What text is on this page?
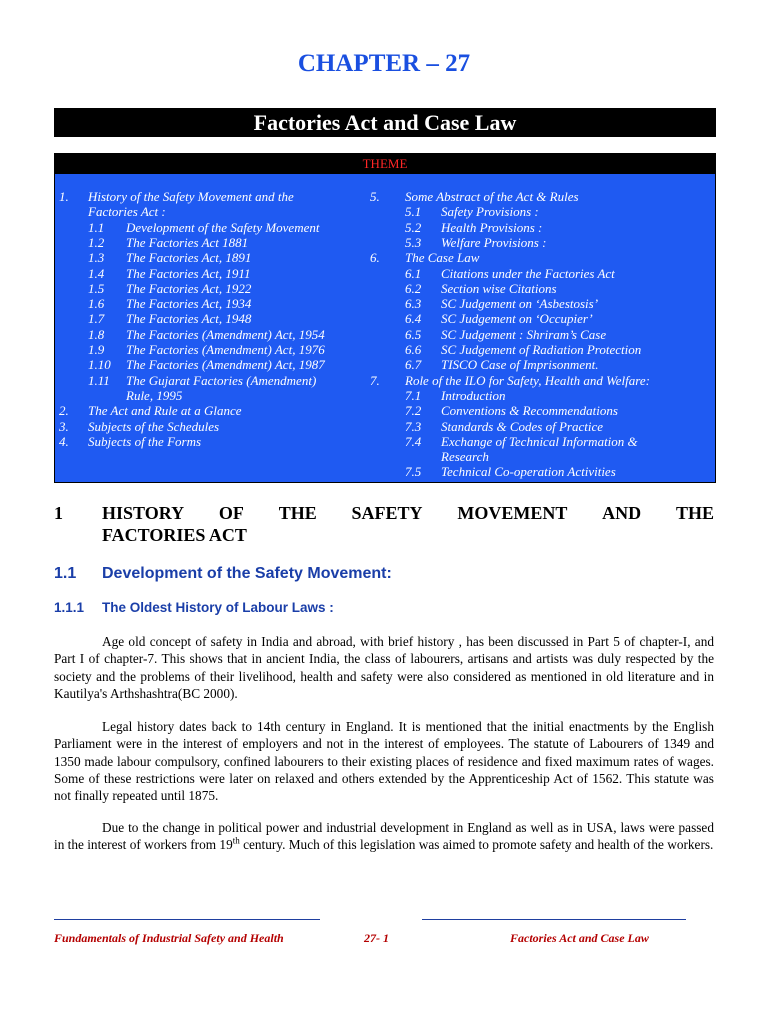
CHAPTER – 27
Factories Act and Case Law
THEME
1. History of the Safety Movement and the
Factories Act :
1.1 Development of the Safety Movement
1.2 The Factories Act 1881
1.3 The Factories Act, 1891
1.4 The Factories Act, 1911
1.5 The Factories Act, 1922
1.6 The Factories Act, 1934
1.7 The Factories Act, 1948
1.8 The Factories (Amendment) Act, 1954
1.9 The Factories (Amendment) Act, 1976
1.10 The Factories (Amendment) Act, 1987
1.11 The Gujarat Factories (Amendment)
Rule, 1995
2. The Act and Rule at a Glance
3. Subjects of the Schedules
4. Subjects of the Forms
5. Some Abstract of the Act & Rules
5.1 Safety Provisions :
5.2 Health Provisions :
5.3 Welfare Provisions :
6. The Case Law
6.1 Citations under the Factories Act
6.2 Section wise Citations
6.3 SC Judgement on ‘Asbestosis’
6.4 SC Judgement on ‘Occupier’
6.5 SC Judgement : Shriram’s Case
6.6 SC Judgement of Radiation Protection
6.7 TISCO Case of Imprisonment.
7. Role of the ILO for Safety, Health and Welfare:
7.1 Introduction
7.2 Conventions & Recommendations
7.3 Standards & Codes of Practice
7.4 Exchange of Technical Information &
Research
7.5 Technical Co-operation Activities
1 HISTORY OF THE SAFETY MOVEMENT AND THE
FACTORIES ACT
1.1 Development of the Safety Movement:
1.1.1 The Oldest History of Labour Laws :
Age old concept of safety in India and abroad, with brief history , has been discussed in Part 5 of chapter-I, and Part I of chapter-7. This shows that in ancient India, the class of labourers, artisans and artists was duly respected by the society and the problems of their livelihood, health and safety were also considered as mentioned in old literature and in Kautilya's Arthshashtra(BC 2000).
Legal history dates back to 14th century in England. It is mentioned that the initial enactments by the English Parliament were in the interest of employers and not in the interest of employees. The statute of Labourers of 1349 and 1350 made labour compulsory, confined labourers to their existing places of residence and fixed maximum rates of wages. Some of these restrictions were later on relaxed and others extended by the Apprenticeship Act of 1562. This statute was not finally repeated until 1875.
Due to the change in political power and industrial development in England as well as in USA, laws were passed in the interest of workers from 19th century. Much of this legislation was aimed to promote safety and health of the workers.
Fundamentals of Industrial Safety and Health	27- 1	Factories Act and Case Law
